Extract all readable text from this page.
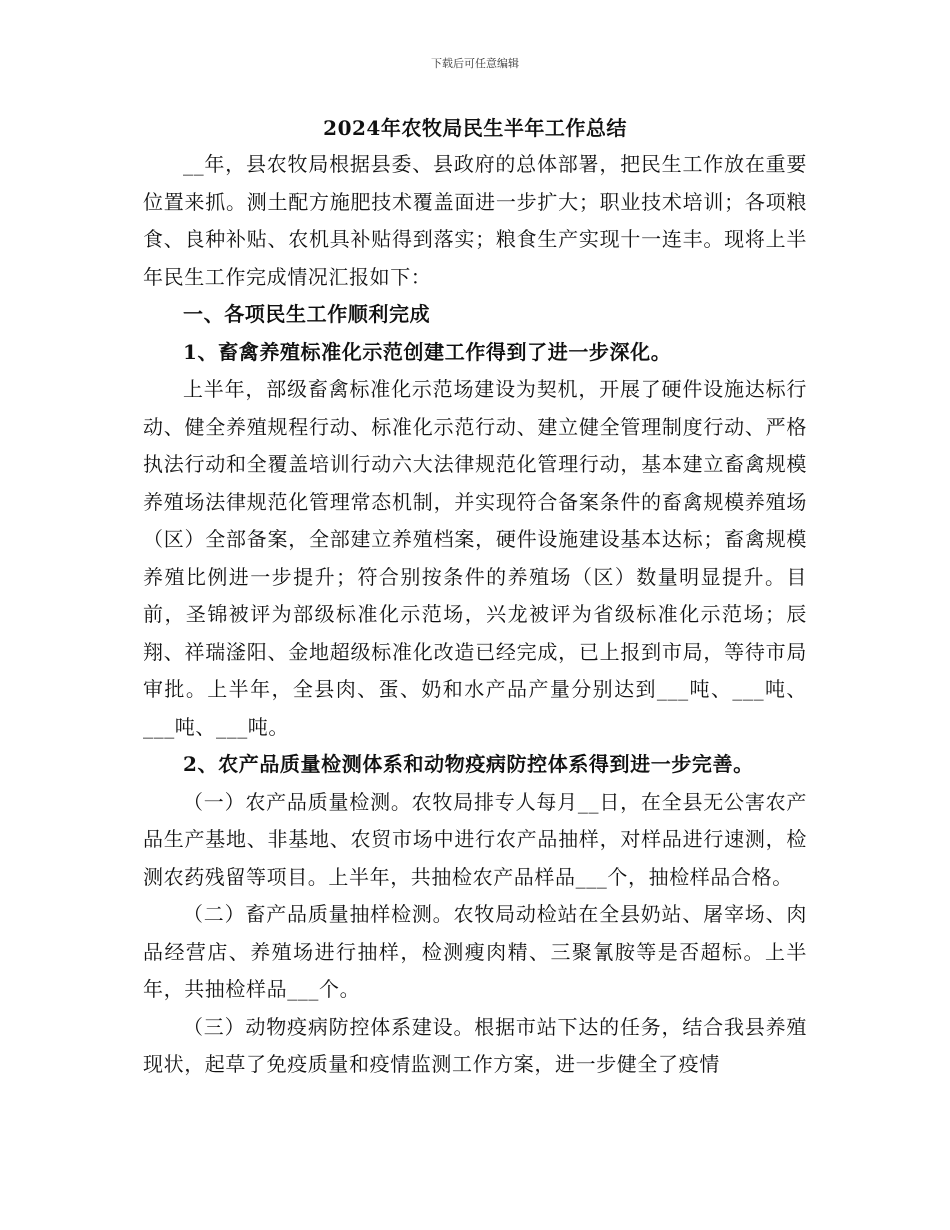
下载后可任意编辑
2024年农牧局民生半年工作总结

__年，县农牧局根据县委、县政府的总体部署，把民生工作放在重要位置来抓。测土配方施肥技术覆盖面进一步扩大；职业技术培训；各项粮食、良种补贴、农机具补贴得到落实；粮食生产实现十一连丰。现将上半年民生工作完成情况汇报如下：

一、各项民生工作顺利完成

1、畜禽养殖标准化示范创建工作得到了进一步深化。

上半年，部级畜禽标准化示范场建设为契机，开展了硬件设施达标行动、健全养殖规程行动、标准化示范行动、建立健全管理制度行动、严格执法行动和全覆盖培训行动六大法律规范化管理行动，基本建立畜禽规模养殖场法律规范化管理常态机制，并实现符合备案条件的畜禽规模养殖场（区）全部备案，全部建立养殖档案，硬件设施建设基本达标；畜禽规模养殖比例进一步提升；符合别按条件的养殖场（区）数量明显提升。目前，圣锦被评为部级标准化示范场，兴龙被评为省级标准化示范场；辰翔、祥瑞滏阳、金地超级标准化改造已经完成，已上报到市局，等待市局审批。上半年，全县肉、蛋、奶和水产品产量分别达到___吨、___吨、___吨、___吨。

2、农产品质量检测体系和动物疫病防控体系得到进一步完善。

（一）农产品质量检测。农牧局排专人每月__日，在全县无公害农产品生产基地、非基地、农贸市场中进行农产品抽样，对样品进行速测，检测农药残留等项目。上半年，共抽检农产品样品___个，抽检样品合格。

（二）畜产品质量抽样检测。农牧局动检站在全县奶站、屠宰场、肉品经营店、养殖场进行抽样，检测瘦肉精、三聚氰胺等是否超标。上半年，共抽检样品___个。

（三）动物疫病防控体系建设。根据市站下达的任务，结合我县养殖现状，起草了免疫质量和疫情监测工作方案，进一步健全了疫情
